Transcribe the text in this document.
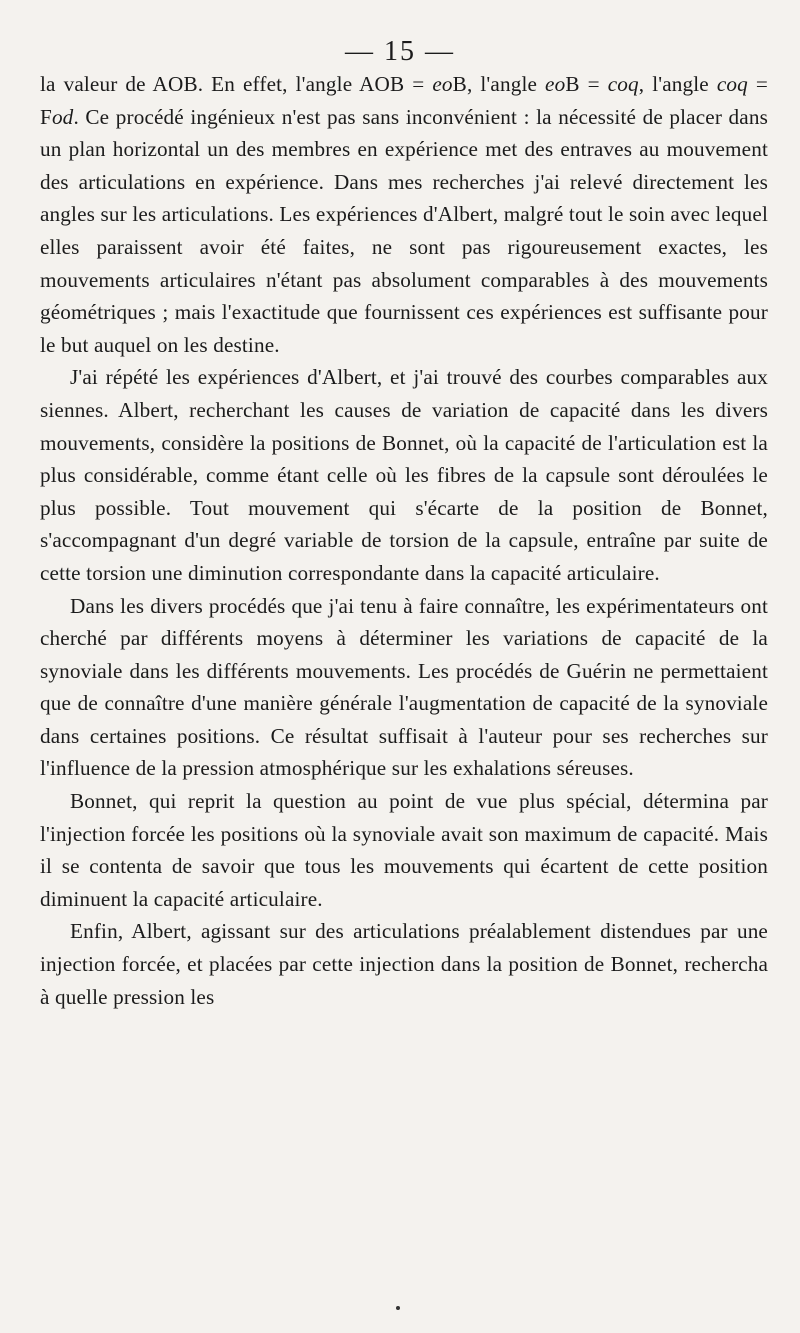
— 15 —

la valeur de AOB. En effet, l'angle AOB = eoB, l'angle eoB = coq, l'angle coq = Fod. Ce procédé ingénieux n'est pas sans inconvénient : la nécessité de placer dans un plan horizontal un des membres en expérience met des entraves au mouvement des articulations en expérience. Dans mes recherches j'ai relevé directement les angles sur les articulations. Les expériences d'Albert, malgré tout le soin avec lequel elles paraissent avoir été faites, ne sont pas rigoureusement exactes, les mouvements articulaires n'étant pas absolument comparables à des mouvements géométriques ; mais l'exactitude que fournissent ces expériences est suffisante pour le but auquel on les destine.

J'ai répété les expériences d'Albert, et j'ai trouvé des courbes comparables aux siennes. Albert, recherchant les causes de variation de capacité dans les divers mouvements, considère la positions de Bonnet, où la capacité de l'articulation est la plus considérable, comme étant celle où les fibres de la capsule sont déroulées le plus possible. Tout mouvement qui s'écarte de la position de Bonnet, s'accompagnant d'un degré variable de torsion de la capsule, entraîne par suite de cette torsion une diminution correspondante dans la capacité articulaire.

Dans les divers procédés que j'ai tenu à faire connaître, les expérimentateurs ont cherché par différents moyens à déterminer les variations de capacité de la synoviale dans les différents mouvements. Les procédés de Guérin ne permettaient que de connaître d'une manière générale l'augmentation de capacité de la synoviale dans certaines positions. Ce résultat suffisait à l'auteur pour ses recherches sur l'influence de la pression atmosphérique sur les exhalations séreuses.

Bonnet, qui reprit la question au point de vue plus spécial, détermina par l'injection forcée les positions où la synoviale avait son maximum de capacité. Mais il se contenta de savoir que tous les mouvements qui écartent de cette position diminuent la capacité articulaire.

Enfin, Albert, agissant sur des articulations préalablement distendues par une injection forcée, et placées par cette injection dans la position de Bonnet, rechercha à quelle pression les
